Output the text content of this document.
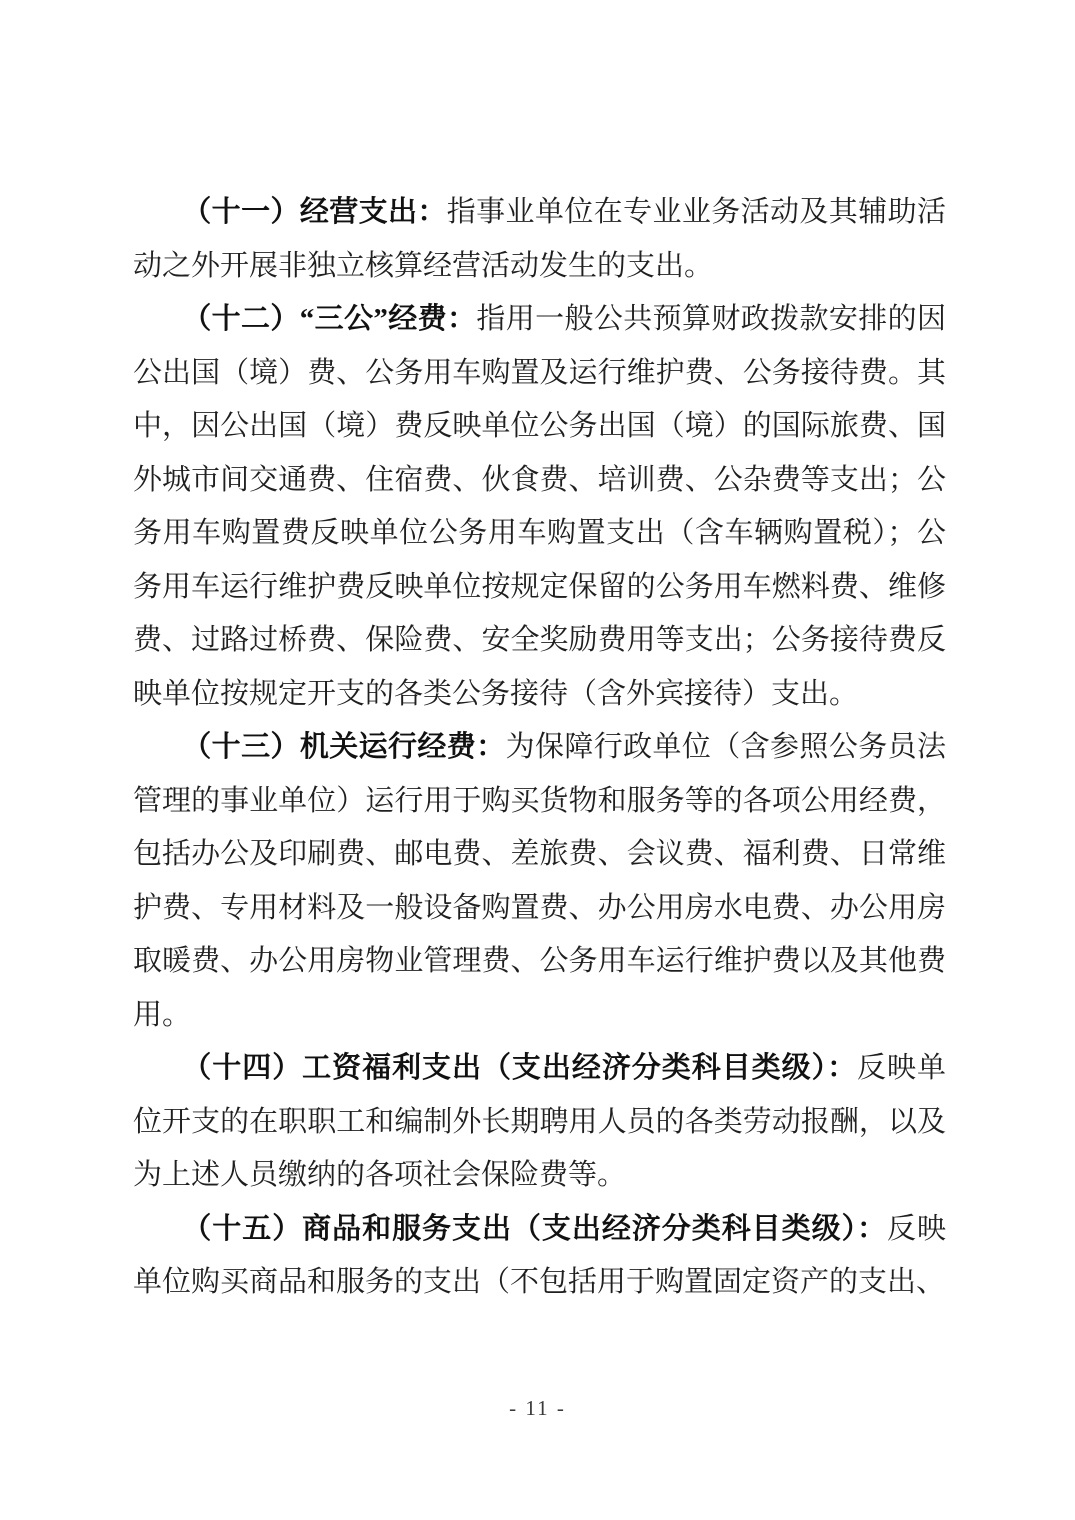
（十一）经营支出：指事业单位在专业业务活动及其辅助活动之外开展非独立核算经营活动发生的支出。

（十二）“三公”经费：指用一般公共预算财政拨款安排的因公出国（境）费、公务用车购置及运行维护费、公务接待费。其中，因公出国（境）费反映单位公务出国（境）的国际旅费、国外城市间交通费、住宿费、伙食费、培训费、公杂费等支出；公务用车购置费反映单位公务用车购置支出（含车辆购置税）；公务用车运行维护费反映单位按规定保留的公务用车燃料费、维修费、过路过桥费、保险费、安全奖励费用等支出；公务接待费反映单位按规定开支的各类公务接待（含外宾接待）支出。

（十三）机关运行经费：为保障行政单位（含参照公务员法管理的事业单位）运行用于购买货物和服务等的各项公用经费，包括办公及印刷费、邮电费、差旅费、会议费、福利费、日常维护费、专用材料及一般设备购置费、办公用房水电费、办公用房取暖费、办公用房物业管理费、公务用车运行维护费以及其他费用。

（十四）工资福利支出（支出经济分类科目类级）：反映单位开支的在职职工和编制外长期聘用人员的各类劳动报酬，以及为上述人员缴纳的各项社会保险费等。

（十五）商品和服务支出（支出经济分类科目类级）：反映单位购买商品和服务的支出（不包括用于购置固定资产的支出、

- 11 -
